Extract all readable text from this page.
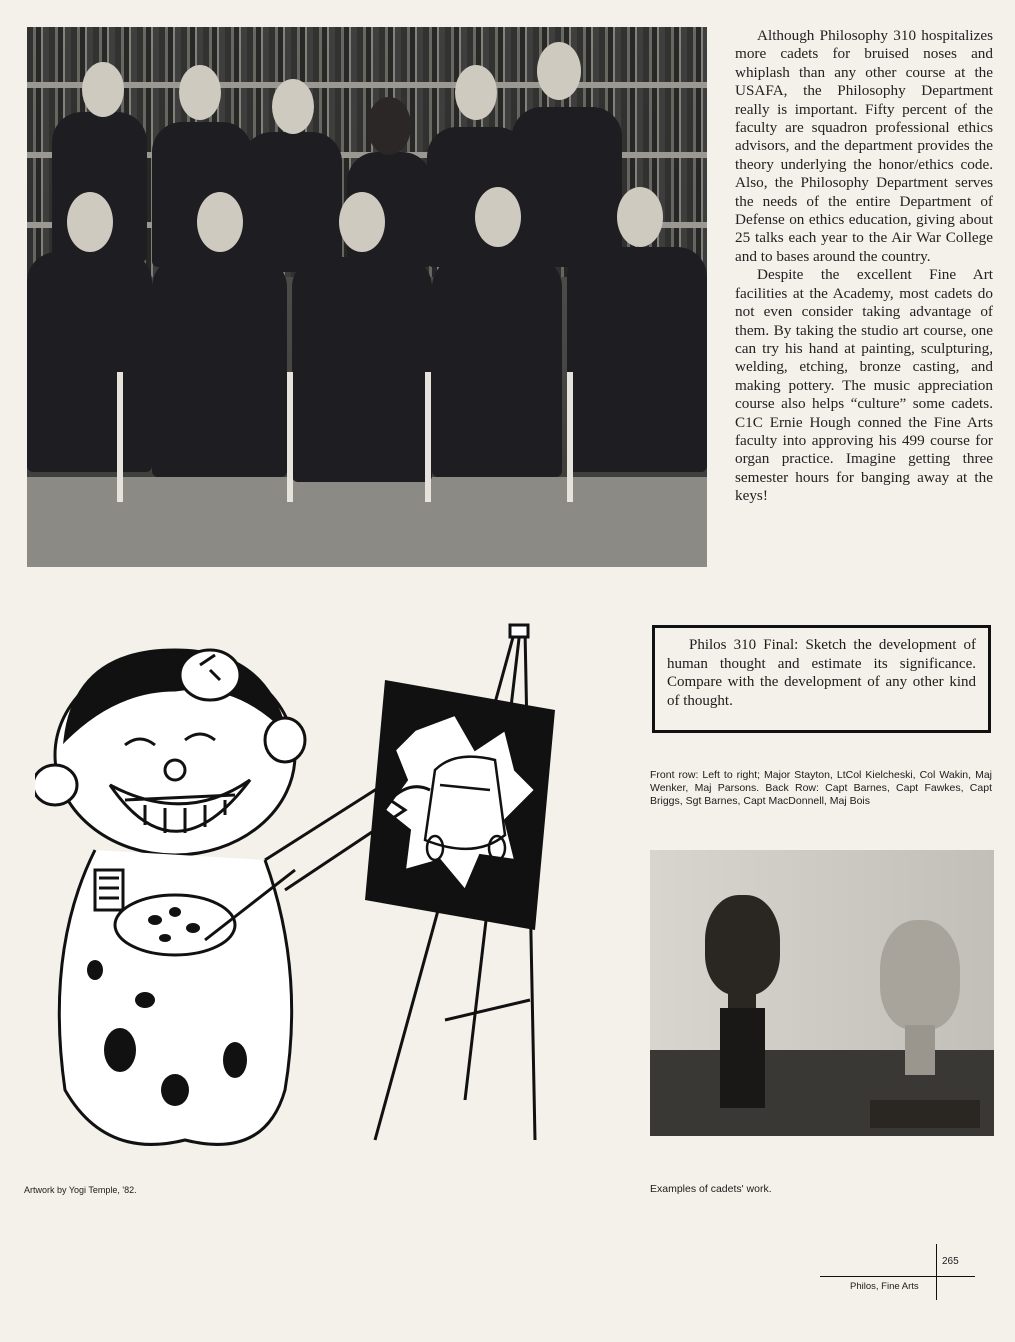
Although Philosophy 310 hospitalizes more cadets for bruised noses and whiplash than any other course at the USAFA, the Philosophy Department really is important. Fifty percent of the faculty are squadron professional ethics advisors, and the department provides the theory underlying the honor/ethics code. Also, the Philosophy Department serves the needs of the entire Department of Defense on ethics education, giving about 25 talks each year to the Air War College and to bases around the country.

Despite the excellent Fine Art facilities at the Academy, most cadets do not even consider taking advantage of them. By taking the studio art course, one can try his hand at painting, sculpturing, welding, etching, bronze casting, and making pottery. The music appreciation course also helps “culture” some cadets. C1C Ernie Hough conned the Fine Arts faculty into approving his 499 course for organ practice. Imagine getting three semester hours for banging away at the keys!

Philos 310 Final: Sketch the development of human thought and estimate its significance. Compare with the development of any other kind of thought.

Front row: Left to right; Major Stayton, LtCol Kielcheski, Col Wakin, Maj Wenker, Maj Parsons. Back Row: Capt Barnes, Capt Fawkes, Capt Briggs, Sgt Barnes, Capt MacDonnell, Maj Bois
Examples of cadets' work.
Artwork by Yogi Temple, '82.
265
Philos, Fine Arts
